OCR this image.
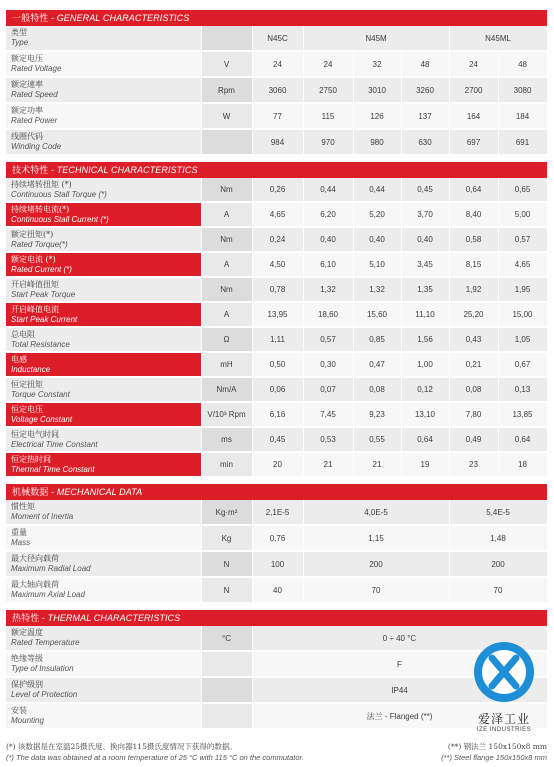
一般特性 - GENERAL CHARACTERISTICS
类型
Type		N45C	N45M			N45ML	

额定电压
Rated Voltage	V	24	24	32	48	24	48

额定速率
Rated Speed	Rpm	3060	2750	3010	3260	2700	3080

额定功率
Rated Power	W	77	115	126	137	164	184

线圈代码
Winding Code		984	970	980	630	697	691
技术特性 - TECHNICAL CHARACTERISTICS
持续堵转扭矩 (*)
Continuous Stall Torque (*)	Nm	0,26	0,44	0,44	0,45	0,64	0,65

持续堵转电流(*)
Continuous Stall Current (*)	A	4,65	6,20	5,20	3,70	8,40	5,00

额定扭矩(*)
Rated Torque(*)	Nm	0,24	0,40	0,40	0,40	0,58	0,57

额定电流 (*)
Rated Current (*)	A	4,50	6,10	5,10	3,45	8,15	4,65

开启峰值扭矩
Start Peak Torque	Nm	0,78	1,32	1,32	1,35	1,92	1,95

开启峰值电流
Start Peak Current	A	13,95	18,60	15,60	11,10	25,20	15,00

总电阻
Total Resistance	Ω	1,11	0,57	0,85	1,56	0,43	1,05

电感
Inductance	mH	0,50	0,30	0,47	1,00	0,21	0,67

恒定扭矩
Torque Constant	Nm/A	0,06	0,07	0,08	0,12	0,08	0,13

恒定电压
Voltage Constant	V/10³ Rpm	6,16	7,45	9,23	13,10	7,80	13,85

恒定电气时间
Electrical Time Constant	ms	0,45	0,53	0,55	0,64	0,49	0,64

恒定热时间
Thermal Time Constant	min	20	21	21	19	23	18
机械数据 - MECHANICAL DATA
惯性矩
Moment of Inertia	Kg·m²	2,1E-5	4,0E-5	5,4E-5

重量
Mass	Kg	0,76	1,15	1,48

最大径向载荷
Maximum Radial Load	N	100	200	200

最大轴向载荷
Maximum Axial Load	N	40	70	70
热特性 - THERMAL CHARACTERISTICS
额定温度
Rated Temperature	°C	0 ÷ 40 °C

绝缘等级
Type of Insulation		F

保护级别
Level of Protection		IP44

安装
Mounting		法兰 - Flanged (**)	爱泽工业
IZE INDUSTRIES
(*) 该数据是在室温25摄氏度、换向器115摄氏度情况下获得的数据。
(*) The data was obtained at a room temperature of 25 °C with 115 °C on the commutator.
(**) 钢法兰 150x150x8 mm
(**) Steel flange 150x150x8 mm
